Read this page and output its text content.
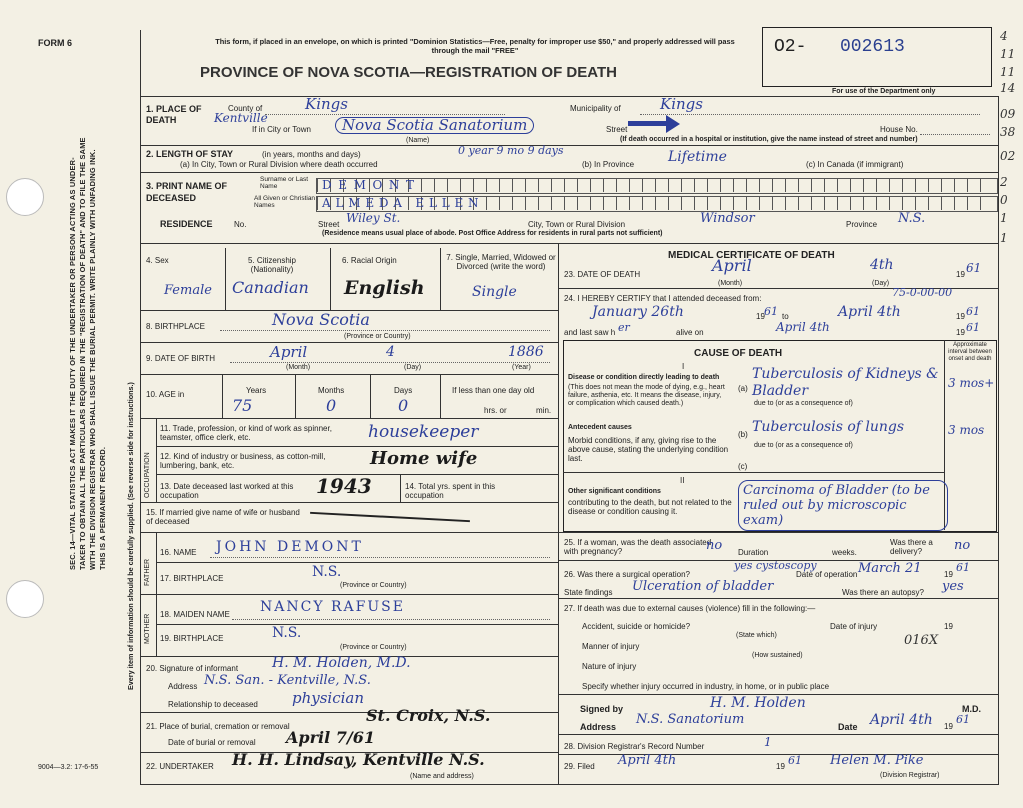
FORM 6
SEC. 14—VITAL STATISTICS ACT MAKES IT THE DUTY OF THE UNDERTAKER OR PERSON ACTING AS UNDER- TAKER TO OBTAIN ALL THE PARTICULARS REQUIRED IN THE "REGISTRATION OF DEATH" AND TO FILE THE SAME WITH THE DIVISION REGISTRAR WHO SHALL ISSUE THE BURIAL PERMIT. WRITE PLAINLY WITH UNFADING INK. THIS IS A PERMANENT RECORD.	Every item of information should be carefully supplied. (See reverse side for instructions.)
9004—3.2: 17-6-55
This form, if placed in an envelope, on which is printed "Dominion Statistics—Free, penalty for improper use $50," and properly addressed will pass through the mail "FREE"
PROVINCE OF NOVA SCOTIA—REGISTRATION OF DEATH
O2- 002613
For use of the Department only
4
11
11
14
09
38
02
2
0
1
1
1. PLACE OF DEATH
County of	Kings	Municipality of	Kings
Kentville
If in City or Town	Nova Scotia Sanatorium
(Name)
Street	House No.
(If death occurred in a hospital or institution, give the name instead of street and number)
2. LENGTH OF STAY	(in years, months and days)
(a) In City, Town or Rural Division where death occurred
0 year 9 mo 9 days
(b) In Province Lifetime	(c) In Canada (if immigrant)
3. PRINT NAME OF DECEASED
Surname or Last Name
All Given or Christian Names
DEMONT
ALMEDA ELLEN
RESIDENCE	No.	Street Wiley St.	City, Town or Rural Division	Windsor	Province N.S.
(Residence means usual place of abode. Post Office Address for residents in rural parts not sufficient)
4. Sex	5. Citizenship (Nationality)
6. Racial Origin	7. Single, Married, Widowed or Divorced (write the word)
Female Canadian English	Single
8. BIRTHPLACE	Nova Scotia
(Province or Country)
9. DATE OF BIRTH	April	4	1886
(Month)	(Day)	(Year)
10. AGE in	Years	Months	Days	If less than one day old
hrs. or	min.
75	0	0
OCCUPATION
11. Trade, profession, or kind of work as spinner, teamster, office clerk, etc.	housekeeper
12. Kind of industry or business, as cotton-mill, lumbering, bank, etc.	Home wife
13. Date deceased last worked at this occupation	1943	14. Total yrs. spent in this occupation
15. If married give name of wife or husband of deceased
FATHER
MOTHER
16. NAME JOHN DEMONT
17. BIRTHPLACE	N.S.
(Province or Country)
18. MAIDEN NAME NANCY RAFUSE
19. BIRTHPLACE	N.S.
(Province or Country)
20. Signature of informant H. M. Holden, M.D.
Address N.S. San. - Kentville, N.S.
Relationship to deceased physician
21. Place of burial, cremation or removal
St. Croix, N.S.
Date of burial or removal April 7/61
22. UNDERTAKER H. H. Lindsay, Kentville N.S.
(Name and address)
MEDICAL CERTIFICATE OF DEATH
23. DATE OF DEATH	April	4th
19 61
(Month)	(Day)
24. I HEREBY CERTIFY that I attended deceased from:	75-0-00-00
January 26th	19 61 to	April 4th	19 61
and last saw h er	alive on	April 4th	19 61
CAUSE OF DEATH
Approximate interval between onset and death
I
Disease or condition directly leading to death
(This does not mean the mode of dying, e.g., heart failure, asthenia, etc. It means the disease, injury, or complication which caused death.)
(a)
Tuberculosis of Kidneys & Bladder	3 mos+
due to (or as a consequence of)
Antecedent causes
Morbid conditions, if any, giving rise to the above cause, stating the underlying condition last.
(b) Tuberculosis of lungs	3 mos
due to (or as a consequence of)
(c)
II
Other significant conditions
contributing to the death, but not related to the disease or condition causing it.
Carcinoma of Bladder (to be ruled out by microscopic exam)
25. If a woman, was the death associated with pregnancy?	no Duration	weeks.
Was there a delivery?	no
26. Was there a surgical operation?
yes cystoscopy
Date of operation March 21	19
61
State findings Ulceration of bladder	Was there an autopsy? yes
27. If death was due to external causes (violence) fill in the following:—
Accident, suicide or homicide?
(State which)
Date of injury	19
Manner of injury	016X
(How sustained)
Nature of injury
Specify whether injury occurred in industry, in home, or in public place
Signed by	H. M. Holden	M.D.
Address N.S. Sanatorium	Date April 4th 19
61
28. Division Registrar's Record Number	1
29. Filed April 4th	19 61 Helen M. Pike
(Division Registrar)
